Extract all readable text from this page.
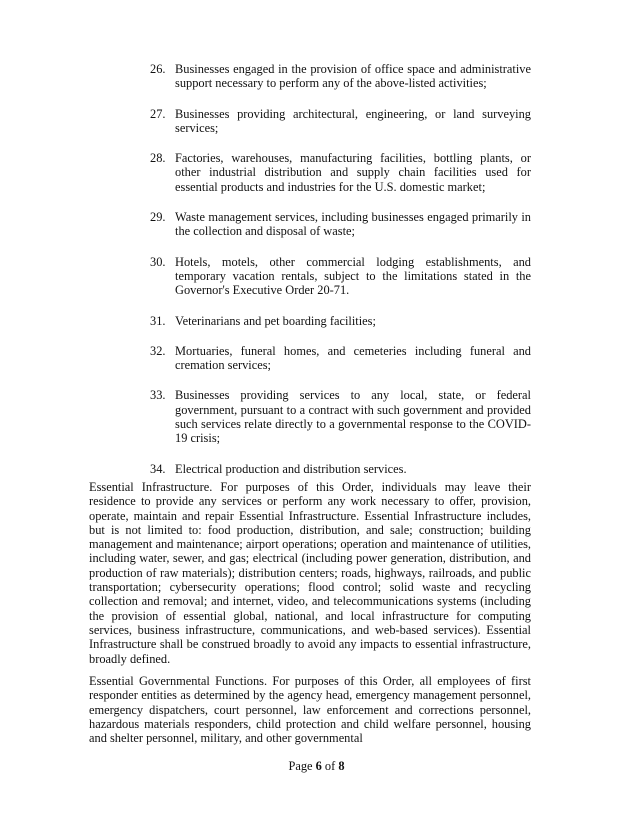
26. Businesses engaged in the provision of office space and administrative support necessary to perform any of the above-listed activities;
27. Businesses providing architectural, engineering, or land surveying services;
28. Factories, warehouses, manufacturing facilities, bottling plants, or other industrial distribution and supply chain facilities used for essential products and industries for the U.S. domestic market;
29. Waste management services, including businesses engaged primarily in the collection and disposal of waste;
30. Hotels, motels, other commercial lodging establishments, and temporary vacation rentals, subject to the limitations stated in the Governor's Executive Order 20-71.
31. Veterinarians and pet boarding facilities;
32. Mortuaries, funeral homes, and cemeteries including funeral and cremation services;
33. Businesses providing services to any local, state, or federal government, pursuant to a contract with such government and provided such services relate directly to a governmental response to the COVID-19 crisis;
34. Electrical production and distribution services.

Essential Infrastructure. For purposes of this Order, individuals may leave their residence to provide any services or perform any work necessary to offer, provision, operate, maintain and repair Essential Infrastructure. Essential Infrastructure includes, but is not limited to: food production, distribution, and sale; construction; building management and maintenance; airport operations; operation and maintenance of utilities, including water, sewer, and gas; electrical (including power generation, distribution, and production of raw materials); distribution centers; roads, highways, railroads, and public transportation; cybersecurity operations; flood control; solid waste and recycling collection and removal; and internet, video, and telecommunications systems (including the provision of essential global, national, and local infrastructure for computing services, business infrastructure, communications, and web-based services). Essential Infrastructure shall be construed broadly to avoid any impacts to essential infrastructure, broadly defined.

Essential Governmental Functions. For purposes of this Order, all employees of first responder entities as determined by the agency head, emergency management personnel, emergency dispatchers, court personnel, law enforcement and corrections personnel, hazardous materials responders, child protection and child welfare personnel, housing and shelter personnel, military, and other governmental

Page 6 of 8
